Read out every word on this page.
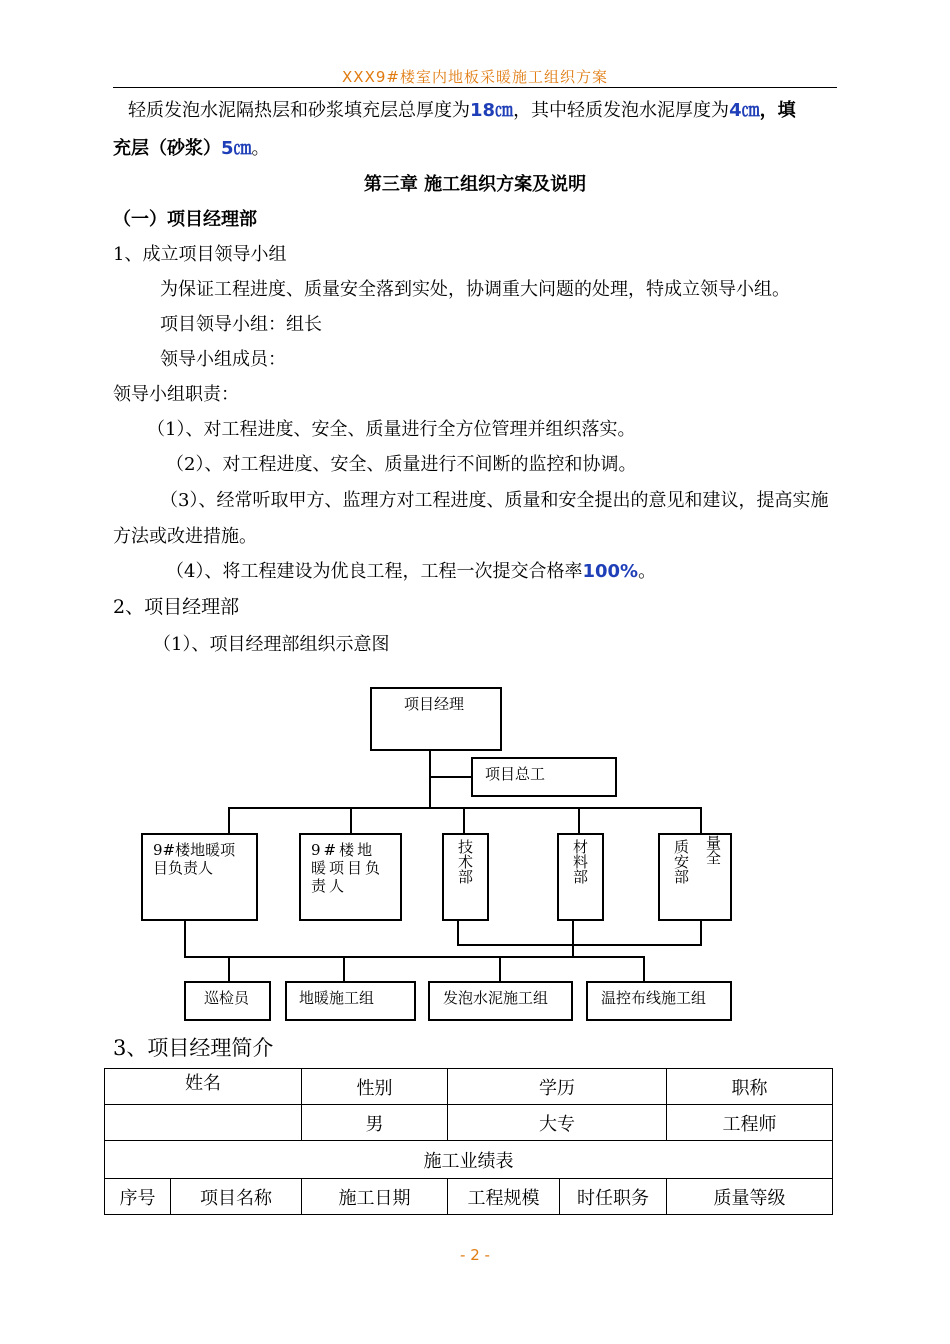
XXX9#楼室内地板采暖施工组织方案
轻质发泡水泥隔热层和砂浆填充层总厚度为18㎝，其中轻质发泡水泥厚度为4㎝，填
充层（砂浆）5㎝。
第三章 施工组织方案及说明
（一）项目经理部
1、成立项目领导小组
为保证工程进度、质量安全落到实处，协调重大问题的处理，特成立领导小组。
项目领导小组：组长
领导小组成员：
领导小组职责：
（1）、对工程进度、安全、质量进行全方位管理并组织落实。
（2）、对工程进度、安全、质量进行不间断的监控和协调。
（3）、经常听取甲方、监理方对工程进度、质量和安全提出的意见和建议，提高实施
方法或改进措施。
（4）、将工程建设为优良工程，工程一次提交合格率100%。
2、项目经理部
（1）、项目经理部组织示意图
项目经理
项目总工
9#楼地暖项目负责人
9#楼地暖项目负责人
技术部	材料部	质安部 量全
巡检员	地暖施工组	发泡水泥施工组	温控布线施工组
3、项目经理简介
姓名		性别	学历		职称
		男	大专		工程师
施工业绩表					
序号	项目名称	施工日期	工程规模	时任职务	质量等级
- 2 -
